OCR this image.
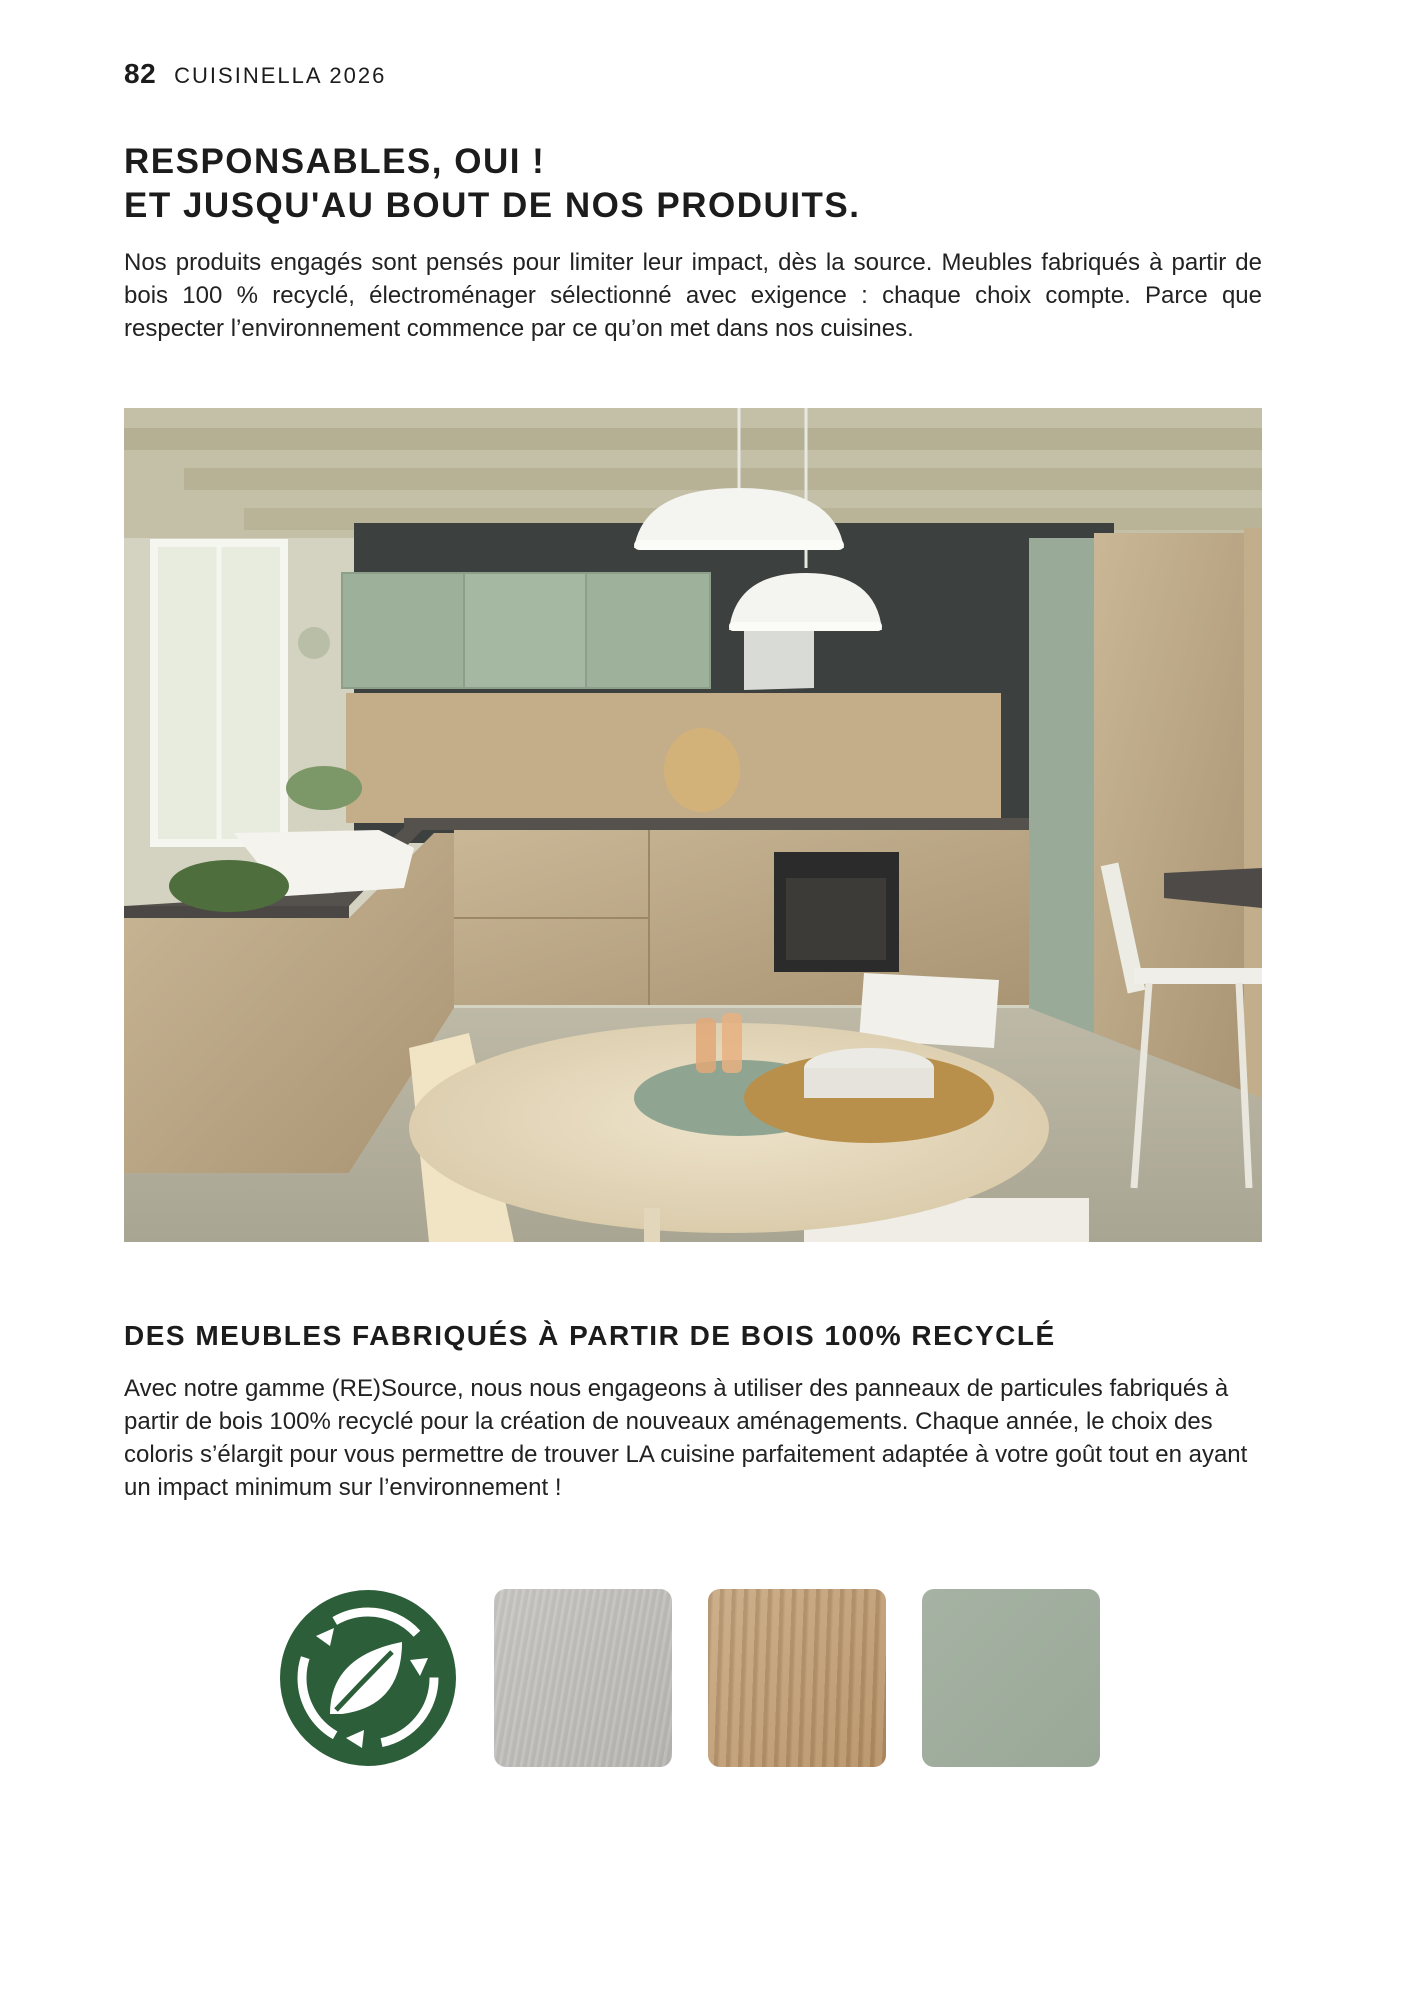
82 CUISINELLA 2026
RESPONSABLES, OUI !
ET JUSQU'AU BOUT DE NOS PRODUITS.

Nos produits engagés sont pensés pour limiter leur impact, dès la source. Meubles fabriqués à partir de bois 100 % recyclé, électroménager sélectionné avec exigence : chaque choix compte. Parce que respecter l’environnement commence par ce qu’on met dans nos cuisines.

DES MEUBLES FABRIQUÉS À PARTIR DE BOIS 100% RECYCLÉ

Avec notre gamme (RE)Source, nous nous engageons à utiliser des panneaux de particules fabriqués à partir de bois 100% recyclé pour la création de nouveaux aménagements. Chaque année, le choix des coloris s’élargit pour vous permettre de trouver LA cuisine parfaitement adaptée à votre goût tout en ayant un impact minimum sur l’environnement !
